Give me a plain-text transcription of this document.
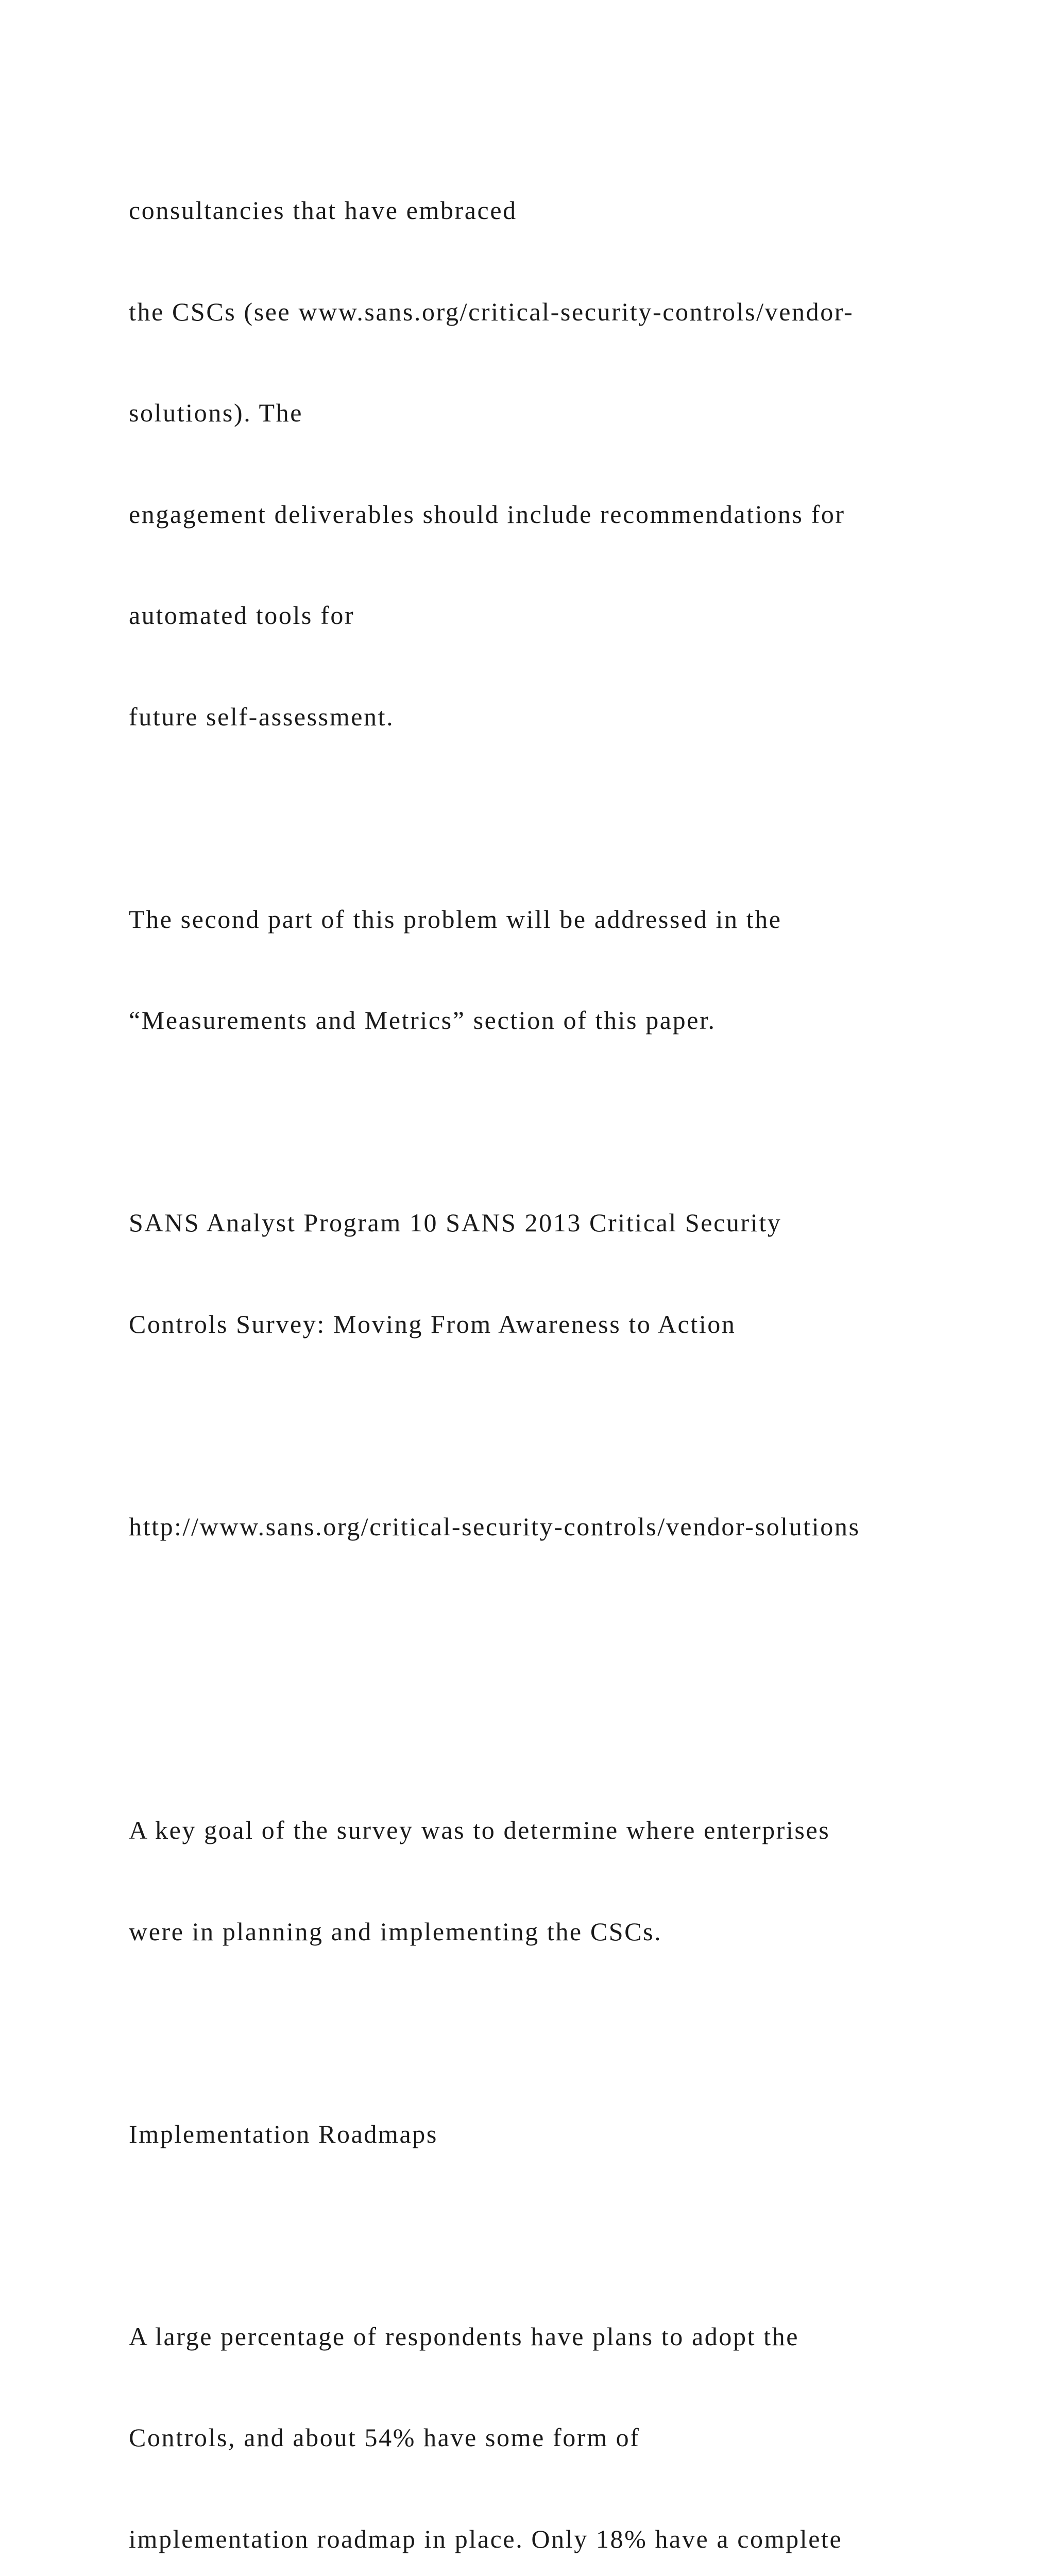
consultancies that have embraced

the CSCs (see www.sans.org/critical-security-controls/vendor-

solutions). The

engagement deliverables should include recommendations for

automated tools for

future self-assessment.

The second part of this problem will be addressed in the

“Measurements and Metrics” section of this paper.

SANS Analyst Program 10 SANS 2013 Critical Security

Controls Survey: Moving From Awareness to Action

http://www.sans.org/critical-security-controls/vendor-solutions

A key goal of the survey was to determine where enterprises

were in planning and implementing the CSCs.

Implementation Roadmaps

A large percentage of respondents have plans to adopt the

Controls, and about 54% have some form of

implementation roadmap in place. Only 18% have a complete
